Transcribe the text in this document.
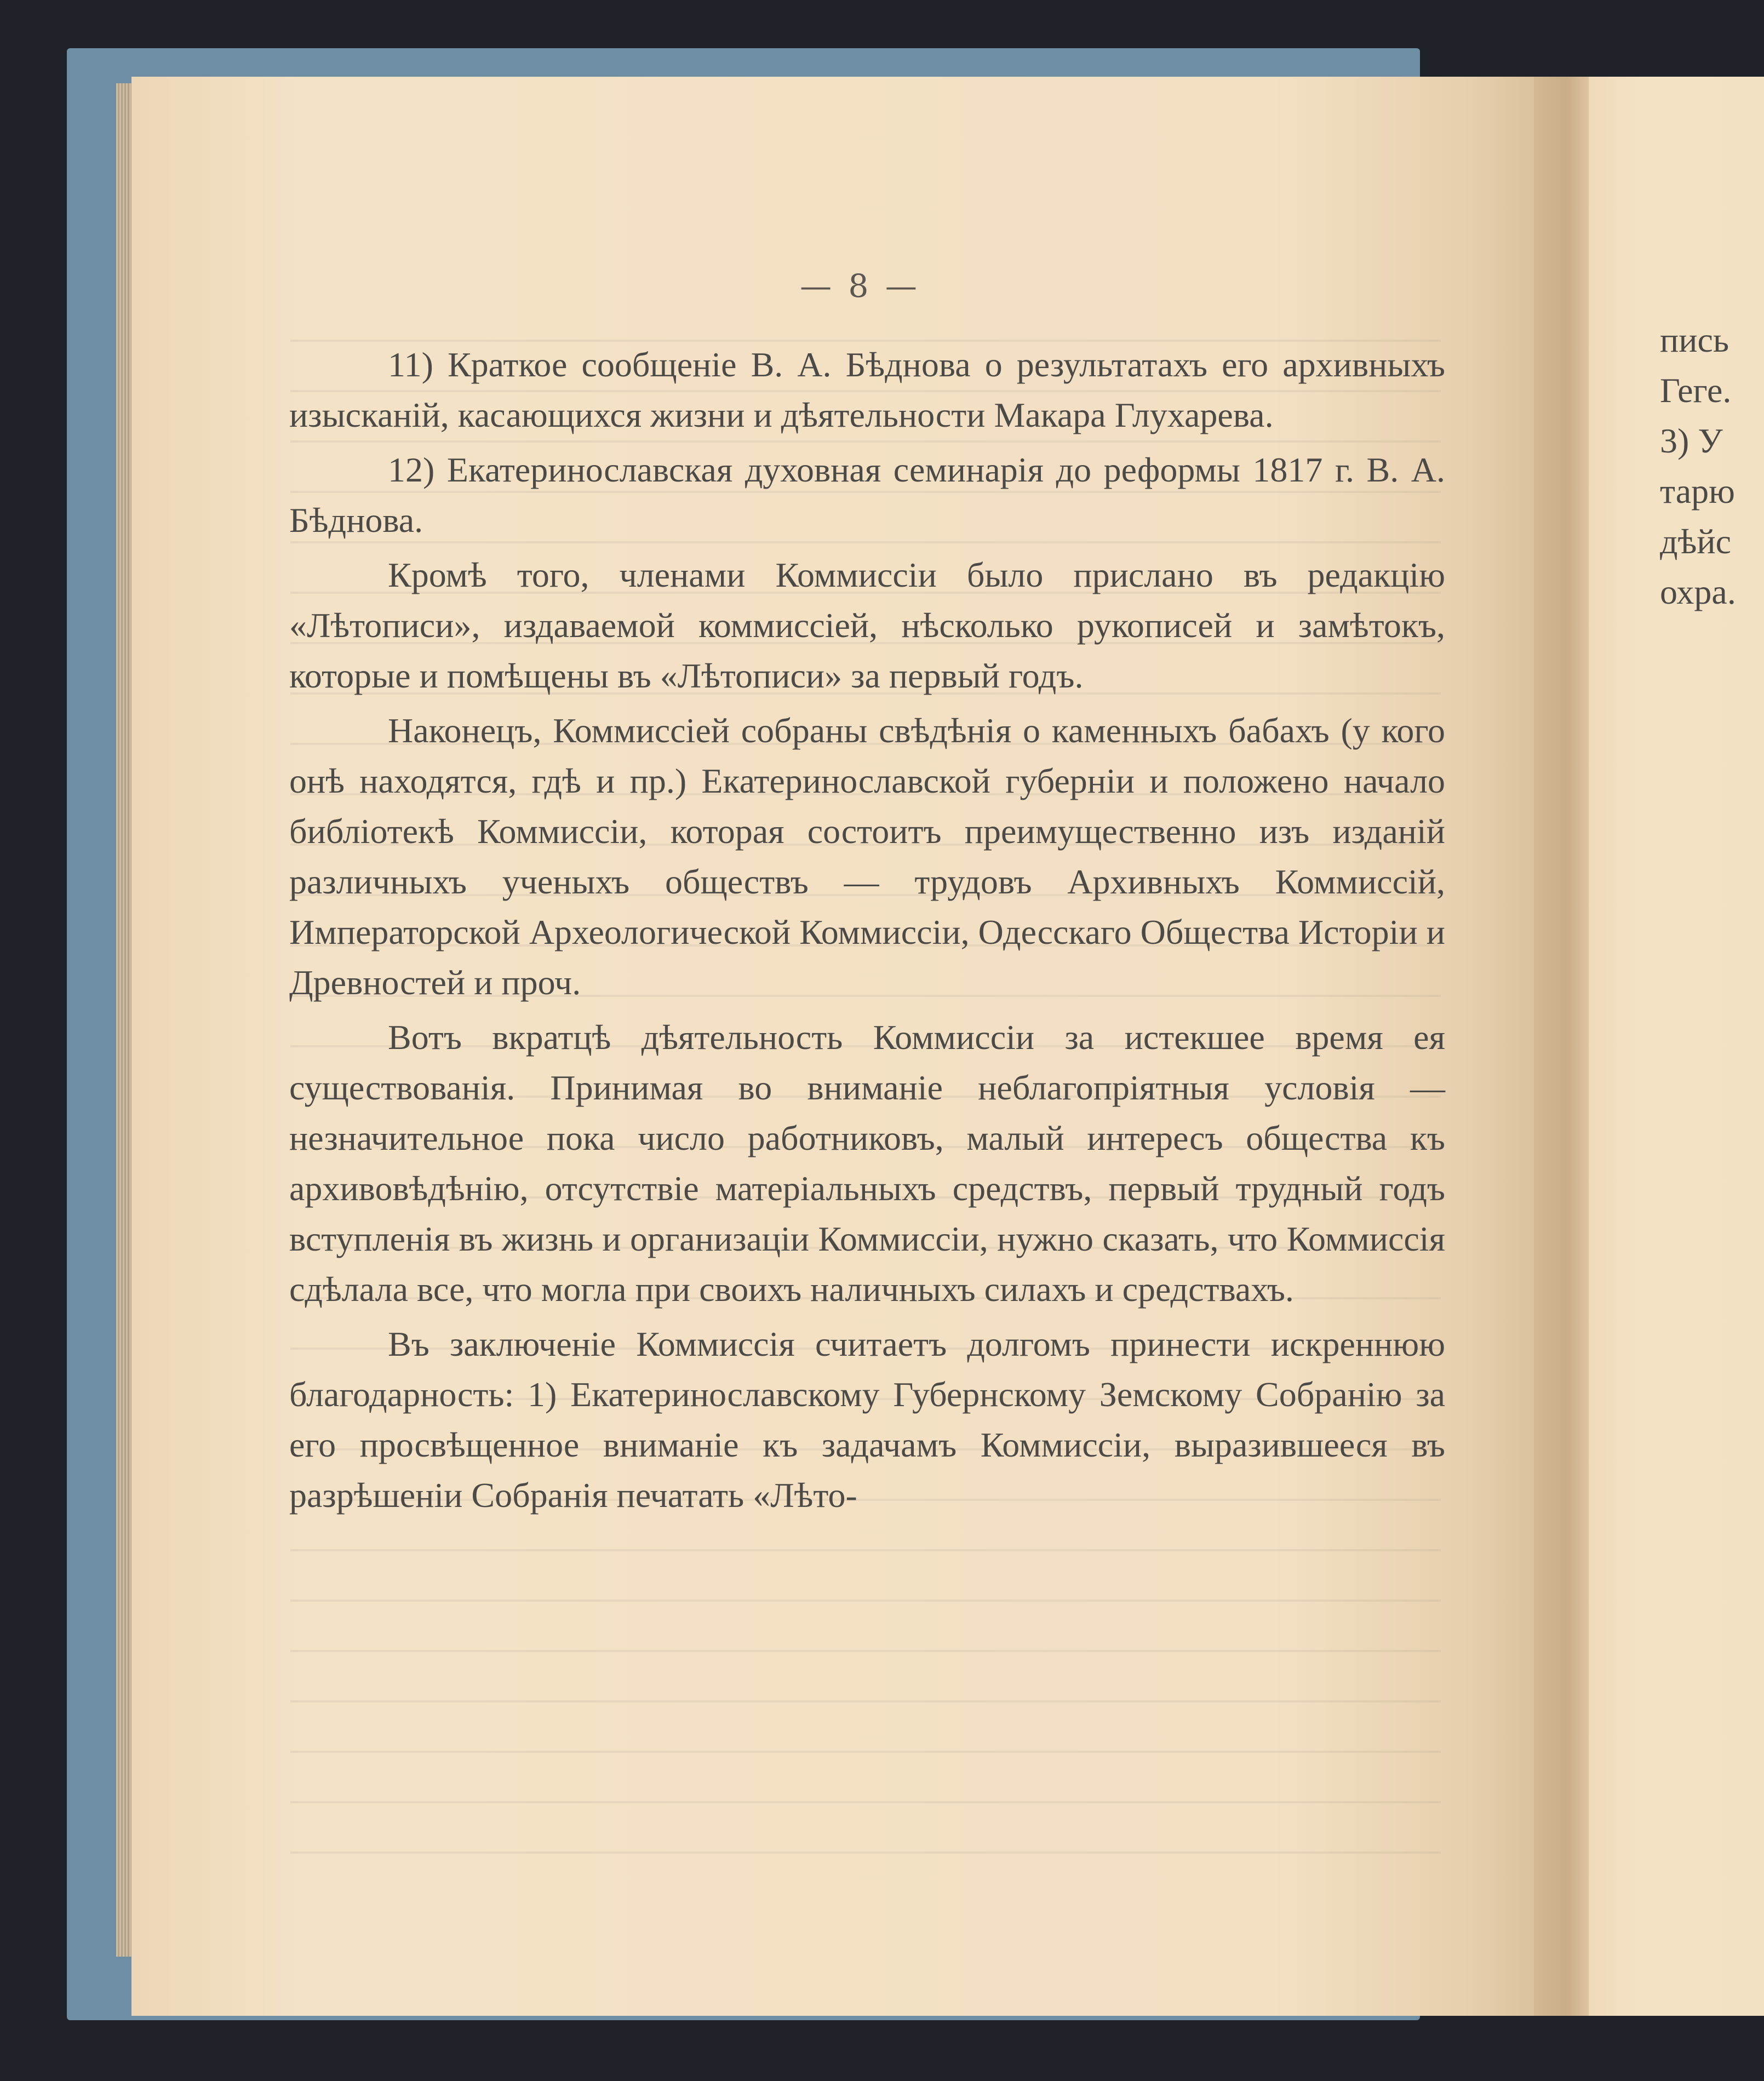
— 8 —

11) Краткое сообщеніе В. А. Бѣднова о результатахъ его архивныхъ изысканій, касающихся жизни и дѣятельности Макара Глухарева.

12) Екатеринославская духовная семинарія до реформы 1817 г. В. А. Бѣднова.

Кромѣ того, членами Коммиссіи было прислано въ редакцію «Лѣтописи», издаваемой коммиссіей, нѣсколько рукописей и замѣтокъ, которые и помѣщены въ «Лѣтописи» за первый годъ.

Наконецъ, Коммиссіей собраны свѣдѣнія о каменныхъ бабахъ (у кого онѣ находятся, гдѣ и пр.) Екатеринославской губерніи и положено начало библіотекѣ Коммиссіи, которая состоитъ преимущественно изъ изданій различныхъ ученыхъ обществъ — трудовъ Архивныхъ Коммиссій, Императорской Археологической Коммиссіи, Одесскаго Общества Исторіи и Древностей и проч.

Вотъ вкратцѣ дѣятельность Коммиссіи за истекшее время ея существованія. Принимая во вниманіе неблагопріятныя условія — незначительное пока число работниковъ, малый интересъ общества къ архивовѣдѣнію, отсутствіе матеріальныхъ средствъ, первый трудный годъ вступленія въ жизнь и организаціи Коммиссіи, нужно сказать, что Коммиссія сдѣлала все, что могла при своихъ наличныхъ силахъ и средствахъ.

Въ заключеніе Коммиссія считаетъ долгомъ принести искреннюю благодарность: 1) Екатеринославскому Губернскому Земскому Собранію за его просвѣщенное вниманіе къ задачамъ Коммиссіи, выразившееся въ разрѣшеніи Собранія печатать «Лѣто-

пись
Геге.
3) У
тарю
дѣйс
охра.
